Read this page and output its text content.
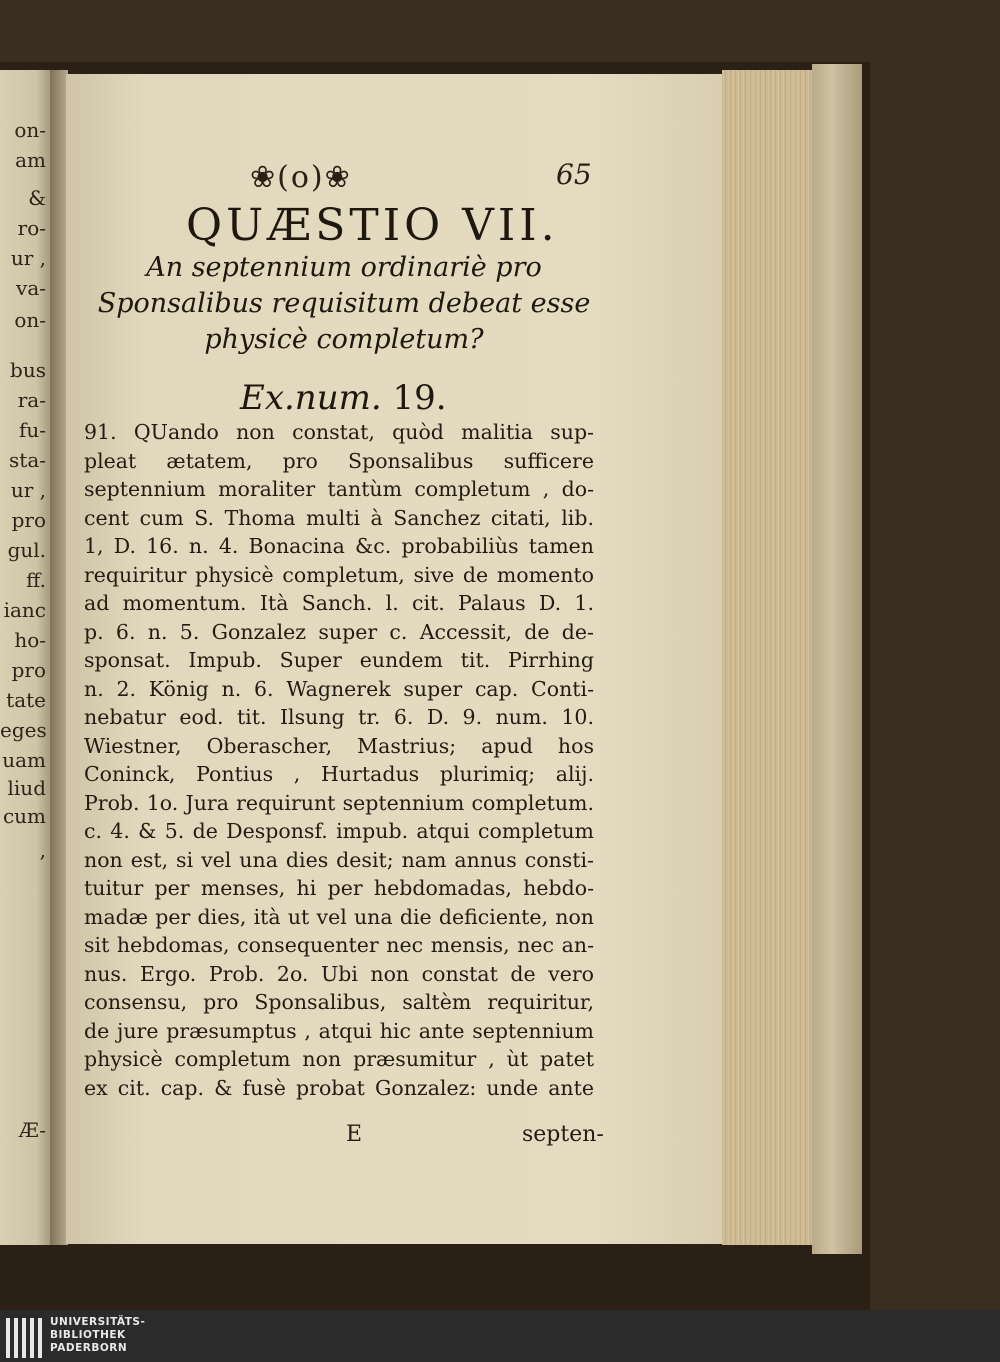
on-
am
&
ro-
ur ,
va-
on-
bus
ra-
fu-
sta-
ur ,
pro
gul.
ff.
ianc
ho-
pro
tate
eges
uam
liud
cum
,
Æ-
❀(o)❀	65
QUÆSTIO VII.
An septennium ordinariè pro Sponsalibus requisitum debeat esse physicè completum?
Ex.num. 19.
91. QUando non constat, quòd malitia sup-
pleat ætatem, pro Sponsalibus sufficere
septennium moraliter tantùm completum , do-
cent cum S. Thoma multi à Sanchez citati, lib.
1, D. 16. n. 4. Bonacina &c. probabiliùs tamen
requiritur physicè completum, sive de momento
ad momentum. Ità Sanch. l. cit. Palaus D. 1.
p. 6. n. 5. Gonzalez super c. Accessit, de de-
sponsat. Impub. Super eundem tit. Pirrhing
n. 2. König n. 6. Wagnerek super cap. Conti-
nebatur eod. tit. Ilsung tr. 6. D. 9. num. 10.
Wiestner, Oberascher, Mastrius; apud hos
Coninck, Pontius , Hurtadus plurimiq; alij.
Prob. 1o. Jura requirunt septennium completum.
c. 4. & 5. de Desponsf. impub. atqui completum
non est, si vel una dies desit; nam annus consti-
tuitur per menses, hi per hebdomadas, hebdo-
madæ per dies, ità ut vel una die deficiente, non
sit hebdomas, consequenter nec mensis, nec an-
nus. Ergo. Prob. 2o. Ubi non constat de vero
consensu, pro Sponsalibus, saltèm requiritur,
de jure præsumptus , atqui hic ante septennium
physicè completum non præsumitur , ùt patet
ex cit. cap. & fusè probat Gonzalez: unde ante
E	septen-
UNIVERSITÄTS-
BIBLIOTHEK
PADERBORN
